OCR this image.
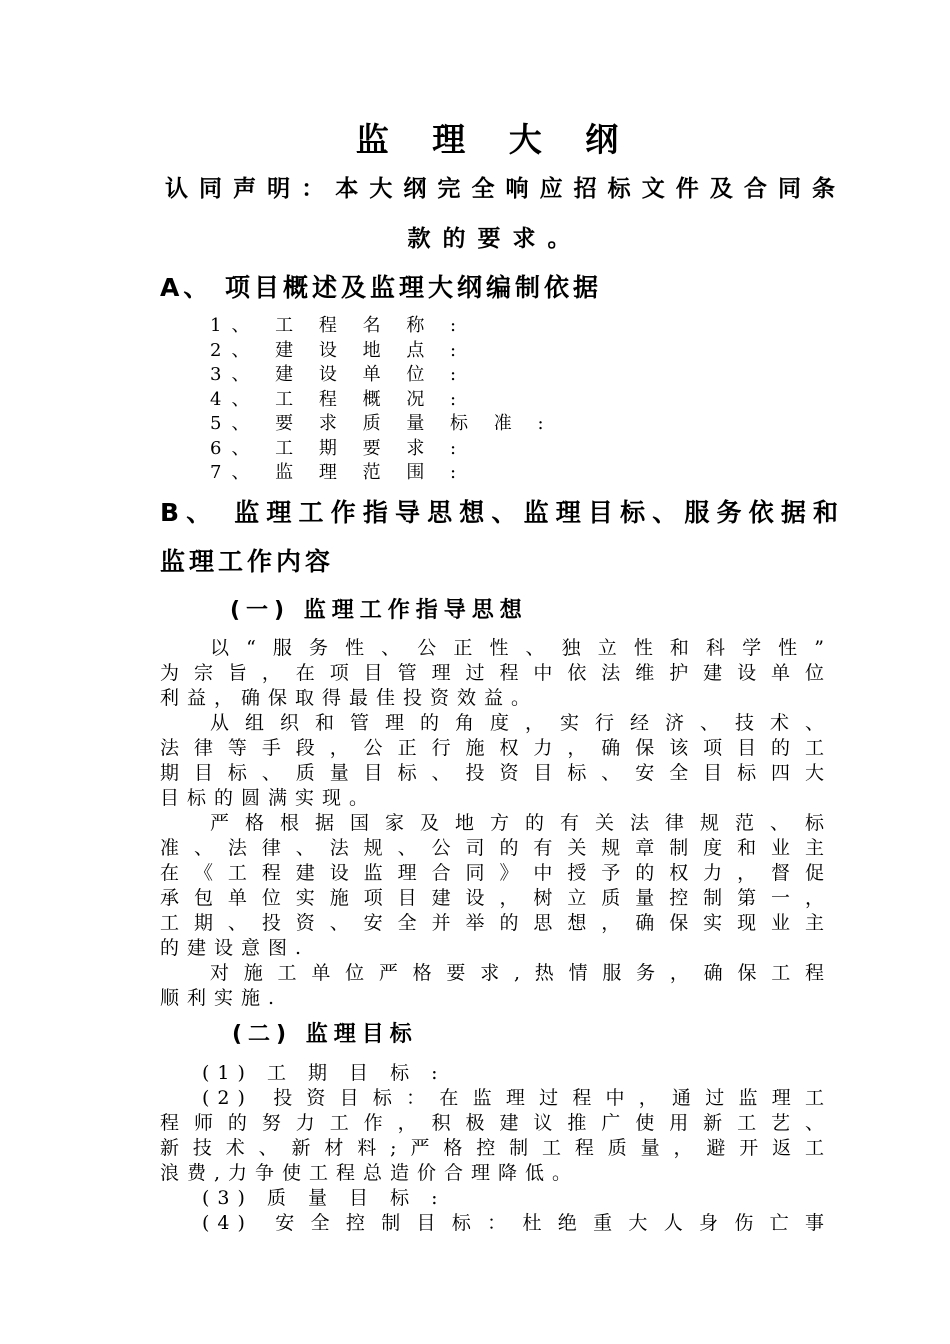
监 理 大 纲
认同声明：本大纲完全响应招标文件及合同条
款的要求。
A、 项目概述及监理大纲编制依据
1、 工 程 名 称 :
2、 建 设 地 点 :
3、 建 设 单 位 :
4、 工 程 概 况 :
5、 要 求 质 量 标 准 :
6、 工 期 要 求 :
7、 监 理 范 围 :
B、 监理工作指导思想、监理目标、服务依据和
监理工作内容
(一) 监理工作指导思想
以“服务性、公正性、独立性和科学性”
为宗旨，在项目管理过程中依法维护建设单位
利益，确保取得最佳投资效益。
从组织和管理的角度，实行经济、技术、
法律等手段，公正行施权力，确保该项目的工
期目标、质量目标、投资目标、安全目标四大
目标的圆满实现。
严格根据国家及地方的有关法律规范、标
准、法律、法规、公司的有关规章制度和业主
在《工程建设监理合同》中授予的权力，督促
承包单位实施项目建设，树立质量控制第一，
工期、投资、安全并举的思想，确保实现业主
的建设意图.
对施工单位严格要求,热情服务，确保工程
顺利实施.
(二) 监理目标
(1) 工 期 目 标 :
(2) 投资目标：在监理过程中，通过监理工
程师的努力工作，积极建议推广使用新工艺、
新技术、新材料;严格控制工程质量，避开返工
浪费,力争使工程总造价合理降低。
(3) 质 量 目 标 :
(4) 安全控制目标：杜绝重大人身伤亡事
